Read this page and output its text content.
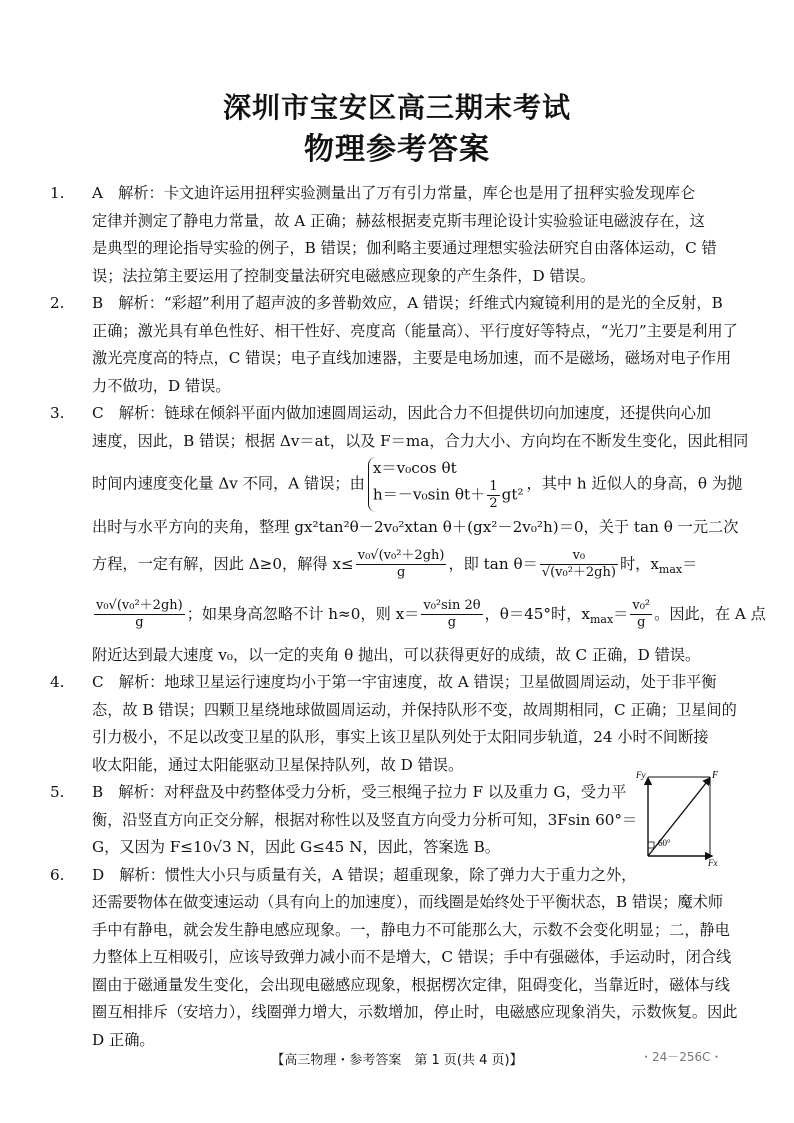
深圳市宝安区高三期末考试
物理参考答案
1. A　解析：卡文迪许运用扭秤实验测量出了万有引力常量，库仑也是用了扭秤实验发现库仑
定律并测定了静电力常量，故 A 正确；赫兹根据麦克斯韦理论设计实验验证电磁波存在，这
是典型的理论指导实验的例子，B 错误；伽利略主要通过理想实验法研究自由落体运动，C 错
误；法拉第主要运用了控制变量法研究电磁感应现象的产生条件，D 错误。
2. B　解析：“彩超”利用了超声波的多普勒效应，A 错误；纤维式内窥镜利用的是光的全反射，B
正确；激光具有单色性好、相干性好、亮度高（能量高）、平行度好等特点，“光刀”主要是利用了
激光亮度高的特点，C 错误；电子直线加速器，主要是电场加速，而不是磁场，磁场对电子作用
力不做功，D 错误。
3. C　解析：链球在倾斜平面内做加速圆周运动，因此合力不但提供切向加速度，还提供向心加
速度，因此，B 错误；根据 Δv＝at，以及 F＝ma，合力大小、方向均在不断发生变化，因此相同
时间内速度变化量 Δv 不同，A 错误；由
x＝v₀cos θt
h＝－v₀sin $\theta t+ \frac{1}{2} gt^2$
，其中 h 近似人的身高，θ 为抛
出时与水平方向的夹角，整理 gx²tan²θ－2v₀²xtan θ＋(gx²－2v₀²h)＝0，关于 tan θ 一元二次
方程，一定有解，因此 Δ≥0，解得 $x\le \frac{\text{v₀√(v₀²＋2gh)}}{g}$ ，即 $\tan \theta= \frac{\text{v₀}}{\text{√(v₀²＋2gh)}}$ 时，$x_{max}=$
$\frac{\text{v₀√(v₀²＋2gh)}}{g}$ ；如果身高忽略不计 h≈0，则 $x= \frac{\text{v₀²sin 2θ}}{g}$ ，θ＝45°时，$x_{max}= \frac{\text{v₀²}}{g}$ 。因此，在 A 点
附近达到最大速度 v₀，以一定的夹角 θ 抛出，可以获得更好的成绩，故 C 正确，D 错误。
4. C　解析：地球卫星运行速度均小于第一宇宙速度，故 A 错误；卫星做圆周运动，处于非平衡
态，故 B 错误；四颗卫星绕地球做圆周运动，并保持队形不变，故周期相同，C 正确；卫星间的
引力极小，不足以改变卫星的队形，事实上该卫星队列处于太阳同步轨道，24 小时不间断接
收太阳能，通过太阳能驱动卫星保持队列，故 D 错误。
5. B　解析：对秤盘及中药整体受力分析，受三根绳子拉力 F 以及重力 G，受力平
衡，沿竖直方向正交分解，根据对称性以及竖直方向受力分析可知，3Fsin 60°＝
G，又因为 F≤10√3 N，因此 G≤45 N，因此，答案选 B。
6. D　解析：惯性大小只与质量有关，A 错误；超重现象，除了弹力大于重力之外，
还需要物体在做变速运动（具有向上的加速度），而线圈是始终处于平衡状态，B 错误；魔术师
手中有静电，就会发生静电感应现象。一，静电力不可能那么大，示数不会变化明显；二，静电
力整体上互相吸引，应该导致弹力减小而不是增大，C 错误；手中有强磁体，手运动时，闭合线
圈由于磁通量发生变化，会出现电磁感应现象，根据楞次定律，阻碍变化，当靠近时，磁体与线
圈互相排斥（安培力），线圈弹力增大，示数增加，停止时，电磁感应现象消失，示数恢复。因此
D 正确。
Fy	F
Fx
60°
【高三物理・参考答案　第 1 页(共 4 页)】	・24－256C・
